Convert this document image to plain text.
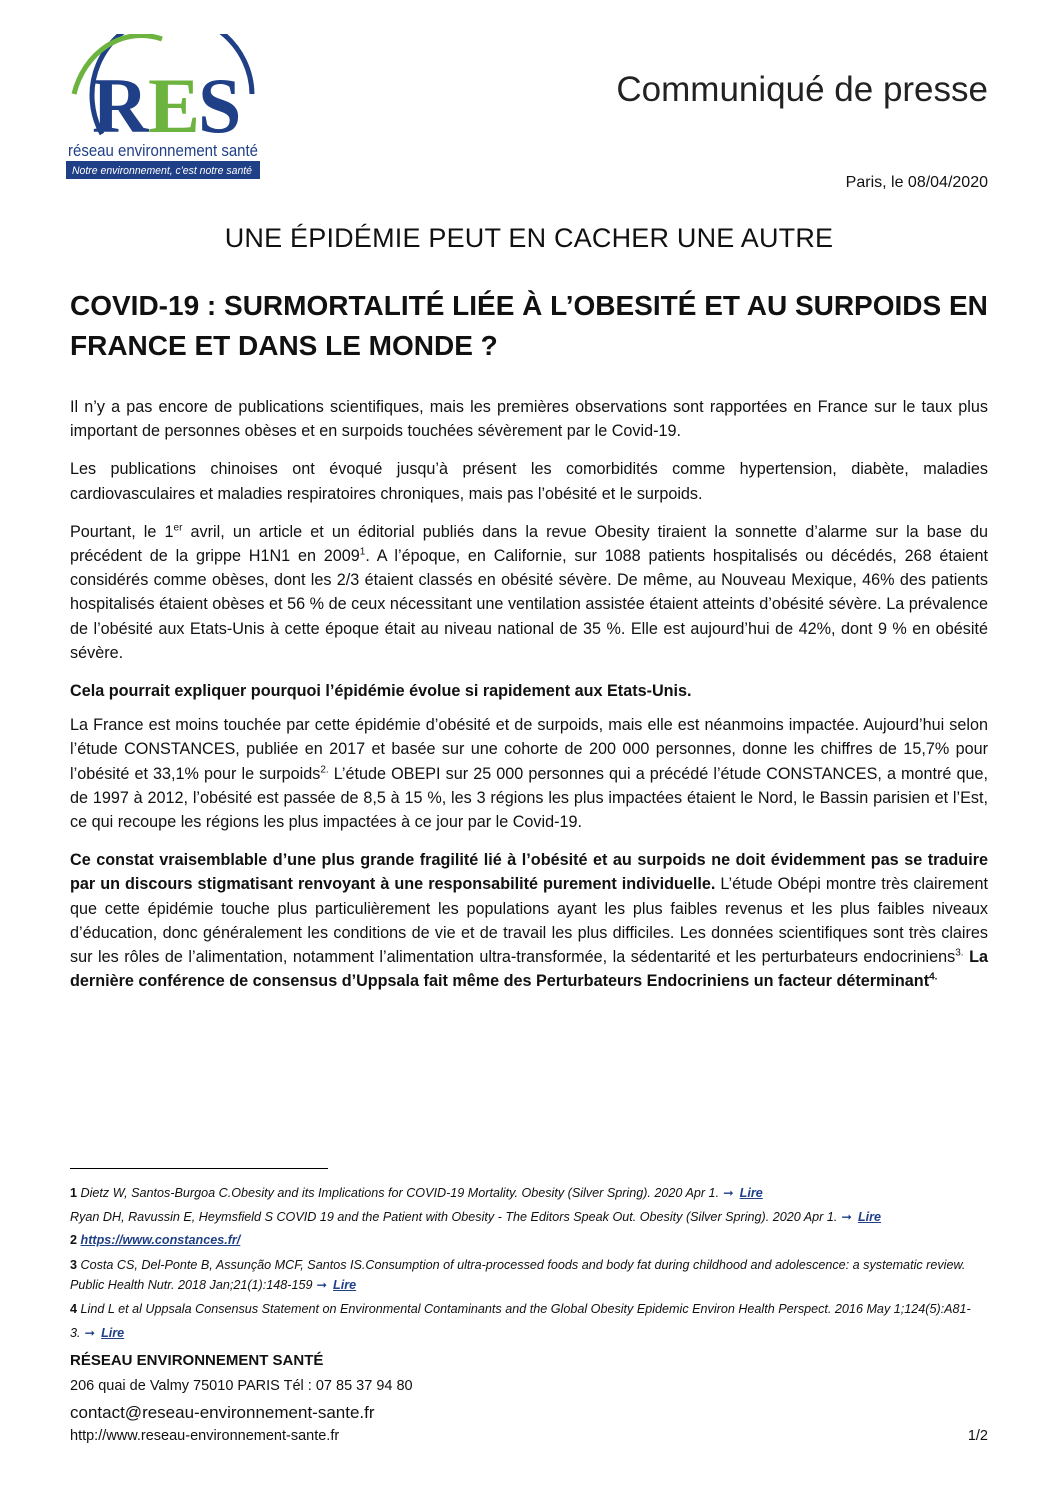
R E
S
réseau environnement santé
Notre environnement, c'est notre santé
Communiqué de presse
Paris, le 08/04/2020
UNE ÉPIDÉMIE PEUT EN CACHER UNE AUTRE
COVID-19 : SURMORTALITÉ LIÉE À L’OBESITÉ ET AU SURPOIDS EN FRANCE ET DANS LE MONDE ?

Il n’y a pas encore de publications scientifiques, mais les premières observations sont rapportées en France sur le taux plus important de personnes obèses et en surpoids touchées sévèrement par le Covid-19.

Les publications chinoises ont évoqué jusqu’à présent les comorbidités comme hypertension, diabète, maladies cardiovasculaires et maladies respiratoires chroniques, mais pas l’obésité et le surpoids.

Pourtant, le 1er avril, un article et un éditorial publiés dans la revue Obesity tiraient la sonnette d’alarme sur la base du précédent de la grippe H1N1 en 2009$^1$. A l’époque, en Californie, sur 1088 patients hospitalisés ou décédés, 268 étaient considérés comme obèses, dont les 2/3 étaient classés en obésité sévère. De même, au Nouveau Mexique, 46% des patients hospitalisés étaient obèses et 56 % de ceux nécessitant une ventilation assistée étaient atteints d’obésité sévère. La prévalence de l’obésité aux Etats-Unis à cette époque était au niveau national de 35 %. Elle est aujourd’hui de 42%, dont 9 % en obésité sévère.

Cela pourrait expliquer pourquoi l’épidémie évolue si rapidement aux Etats-Unis.

La France est moins touchée par cette épidémie d’obésité et de surpoids, mais elle est néanmoins impactée. Aujourd’hui selon l’étude CONSTANCES, publiée en 2017 et basée sur une cohorte de 200 000 personnes, donne les chiffres de 15,7% pour l’obésité et 33,1% pour le surpoids$^{2.}$ L’étude OBEPI sur 25 000 personnes qui a précédé l’étude CONSTANCES, a montré que, de 1997 à 2012, l’obésité est passée de 8,5 à 15 %, les 3 régions les plus impactées étaient le Nord, le Bassin parisien et l’Est, ce qui recoupe les régions les plus impactées à ce jour par le Covid-19.

Ce constat vraisemblable d’une plus grande fragilité lié à l’obésité et au surpoids ne doit évidemment pas se traduire par un discours stigmatisant renvoyant à une responsabilité purement individuelle. L’étude Obépi montre très clairement que cette épidémie touche plus particulièrement les populations ayant les plus faibles revenus et les plus faibles niveaux d’éducation, donc généralement les conditions de vie et de travail les plus difficiles. Les données scientifiques sont très claires sur les rôles de l’alimentation, notamment l’alimentation ultra-transformée, la sédentarité et les perturbateurs endocriniens$^{3.}$ La dernière conférence de consensus d’Uppsala fait même des Perturbateurs Endocriniens un facteur déterminant$^{4.}$

1 Dietz W, Santos-Burgoa C.Obesity and its Implications for COVID-19 Mortality. Obesity (Silver Spring). 2020 Apr 1. ➞ Lire
Ryan DH, Ravussin E, Heymsfield S COVID 19 and the Patient with Obesity - The Editors Speak Out. Obesity (Silver Spring). 2020 Apr 1. ➞ Lire
2 https://www.constances.fr/
3 Costa CS, Del-Ponte B, Assunção MCF, Santos IS.Consumption of ultra-processed foods and body fat during childhood and adolescence: a systematic review. Public Health Nutr. 2018 Jan;21(1):148-159 ➞ Lire
4 Lind L et al Uppsala Consensus Statement on Environmental Contaminants and the Global Obesity Epidemic Environ Health Perspect. 2016 May 1;124(5):A81-3. ➞ Lire
RÉSEAU ENVIRONNEMENT SANTÉ
206 quai de Valmy 75010 PARIS Tél : 07 85 37 94 80
contact@reseau-environnement-sante.fr
http://www.reseau-environnement-sante.fr	1/2
